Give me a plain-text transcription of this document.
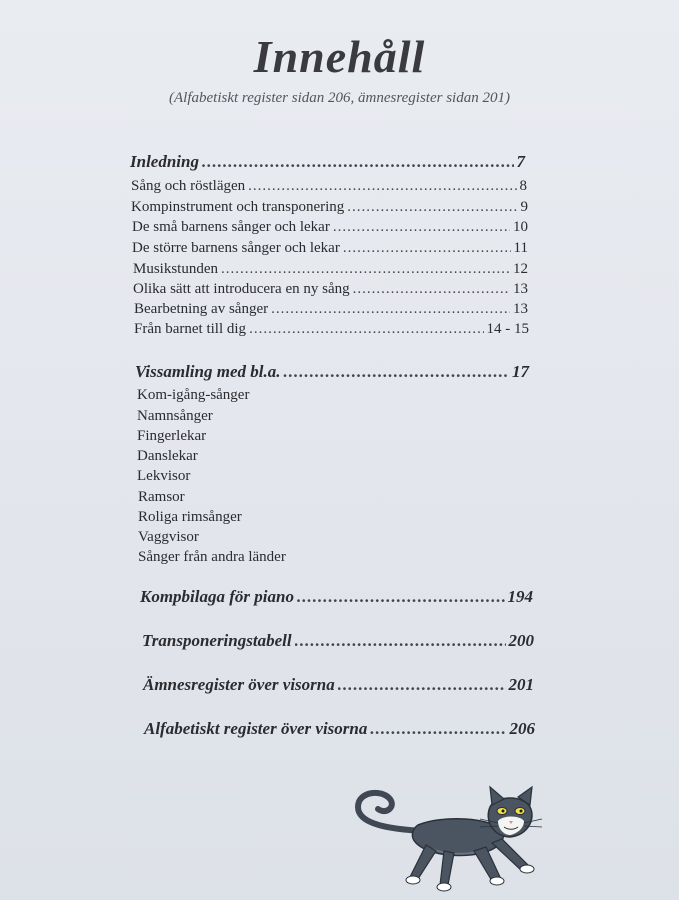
Innehåll
(Alfabetiskt register sidan 206, ämnesregister sidan 201)
Inledning .....	7
Sång och röstlägen .....	8
Kompinstrument och transponering .....	9
De små barnens sånger och lekar .....	10
De större barnens sånger och lekar .....	11
Musikstunden .....	12
Olika sätt att introducera en ny sång .....	13
Bearbetning av sånger .....	13
Från barnet till dig .....	14 - 15
Vissamling med bl.a. .....	17
Kom-igång-sånger
Namnsånger
Fingerlekar
Danslekar
Lekvisor
Ramsor
Roliga rimsånger
Vaggvisor
Sånger från andra länder
Kompbilaga för piano .....	194
Transponeringstabell .....	200
Ämnesregister över visorna .....	201
Alfabetiskt register över visorna .....	206
